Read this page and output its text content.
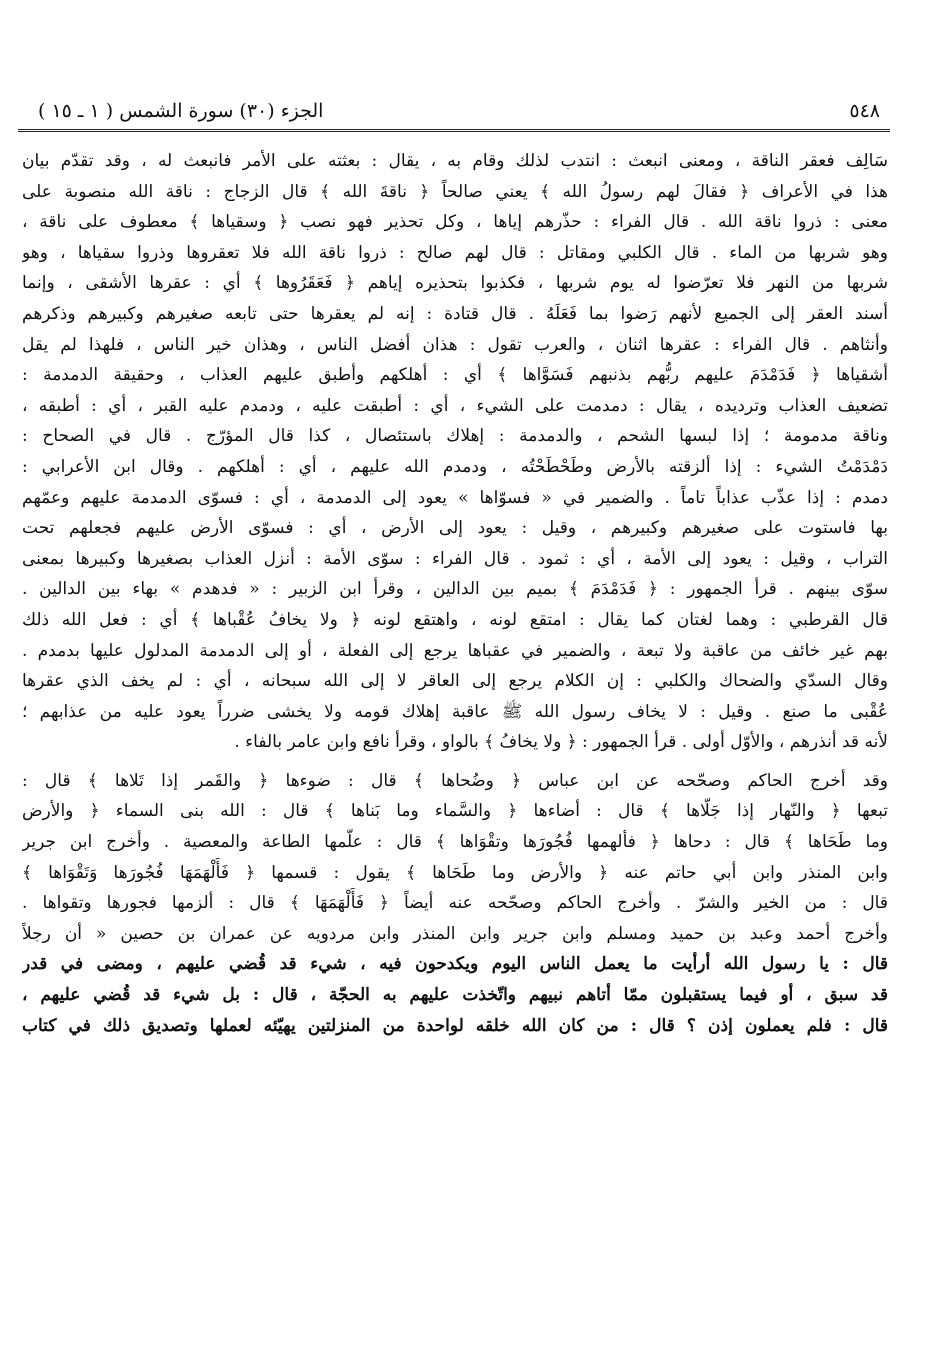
٥٤٨
الجزء (٣٠) سورة الشمس ( ١ ـ ١٥ )
سَالِف فعقر الناقة ، ومعنى انبعث : انتدب لذلك وقام به ، يقال : بعثته على الأمر فانبعث له ، وقد تقدّم بيان
هذا في الأعراف ﴿ فقالَ لهم رسولُ الله ﴾ يعني صالحاً ﴿ ناقةَ الله ﴾ قال الزجاج : ناقة الله منصوبة على
معنى : ذروا ناقة الله . قال الفراء : حذّرهم إياها ، وكل تحذير فهو نصب ﴿ وسقياها ﴾ معطوف على ناقة ،
وهو شربها من الماء . قال الكلبي ومقاتل : قال لهم صالح : ذروا ناقة الله فلا تعقروها وذروا سقياها ، وهو
شربها من النهر فلا تعرّضوا له يوم شربها ، فكذبوا بتحذيره إياهم ﴿ فَعَقَرُوها ﴾ أي : عقرها الأشقى ، وإنما
أسند العقر إلى الجميع لأنهم رَضوا بما فَعَلَهُ . قال قتادة : إنه لم يعقرها حتى تابعه صغيرهم وكبيرهم وذكرهم
وأنثاهم . قال الفراء : عقرها اثنان ، والعرب تقول : هذان أفضل الناس ، وهذان خير الناس ، فلهذا لم يقل
أشقياها ﴿ فَدَمْدَمَ عليهم ربُّهم بذنبهم فَسَوَّاها ﴾ أي : أهلكهم وأطبق عليهم العذاب ، وحقيقة الدمدمة :
تضعيف العذاب وترديده ، يقال : دمدمت على الشيء ، أي : أطبقت عليه ، ودمدم عليه القبر ، أي : أطبقه ،
وناقة مدمومة ؛ إذا لبسها الشحم ، والدمدمة : إهلاك باستئصال ، كذا قال المؤرّج . قال في الصحاح :
دَمْدَمْتُ الشيء : إذا ألزقته بالأرض وطَحْطَحْتُه ، ودمدم الله عليهم ، أي : أهلكهم . وقال ابن الأعرابي :
دمدم : إذا عذّب عذاباً تاماً . والضمير في « فسوّاها » يعود إلى الدمدمة ، أي : فسوّى الدمدمة عليهم وعمّهم
بها فاستوت على صغيرهم وكبيرهم ، وقيل : يعود إلى الأرض ، أي : فسوّى الأرض عليهم فجعلهم تحت
التراب ، وقيل : يعود إلى الأمة ، أي : ثمود . قال الفراء : سوّى الأمة : أنزل العذاب بصغيرها وكبيرها بمعنى
سوّى بينهم . قرأ الجمهور : ﴿ فَدَمْدَمَ ﴾ بميم بين الدالين ، وقرأ ابن الزبير : « فدهدم » بهاء بين الدالين .
قال القرطبي : وهما لغتان كما يقال : امتقع لونه ، واهتقع لونه ﴿ ولا يخافُ عُقْباها ﴾ أي : فعل الله ذلك
بهم غير خائف من عاقبة ولا تبعة ، والضمير في عقباها يرجع إلى الفعلة ، أو إلى الدمدمة المدلول عليها بدمدم .
وقال السدّي والضحاك والكلبي : إن الكلام يرجع إلى العاقر لا إلى الله سبحانه ، أي : لم يخف الذي عقرها
عُقْبى ما صنع . وقيل : لا يخاف رسول الله ﷺ عاقبة إهلاك قومه ولا يخشى ضرراً يعود عليه من عذابهم ؛
لأنه قد أنذرهم ، والأوّل أولى . قرأ الجمهور : ﴿ ولا يخافُ ﴾ بالواو ، وقرأ نافع وابن عامر بالفاء .
وقد أخرج الحاكم وصحّحه عن ابن عباس ﴿ وضُحاها ﴾ قال : ضوءها ﴿ والقَمر إذا تَلاها ﴾ قال :
تبعها ﴿ والنّهار إذا جَلّاها ﴾ قال : أضاءها ﴿ والسَّماء وما بَناها ﴾ قال : الله بنى السماء ﴿ والأرض
وما طَحَاها ﴾ قال : دحاها ﴿ فألهمها فُجُورَها وتقْوَاها ﴾ قال : علّمها الطاعة والمعصية . وأخرج ابن جرير
وابن المنذر وابن أبي حاتم عنه ﴿ والأرض وما طَحَاها ﴾ يقول : قسمها ﴿ فَأَلْهَمَهَا فُجُورَها وَتَقْوَاها ﴾
قال : من الخير والشرّ . وأخرج الحاكم وصحّحه عنه أيضاً ﴿ فَأَلْهَمَهَا ﴾ قال : ألزمها فجورها وتقواها .
وأخرج أحمد وعبد بن حميد ومسلم وابن جرير وابن المنذر وابن مردويه عن عمران بن حصين « أن رجلاً
قال : يا رسول الله أرأيت ما يعمل الناس اليوم ويكدحون فيه ، شيء قد قُضي عليهم ، ومضى في قدر
قد سبق ، أو فيما يستقبلون ممّا أتاهم نبيهم واتّخذت عليهم به الحجّة ، قال : بل شيء قد قُضي عليهم ،
قال : فلم يعملون إذن ؟ قال : من كان الله خلقه لواحدة من المنزلتين يهيّئه لعملها وتصديق ذلك في كتاب
